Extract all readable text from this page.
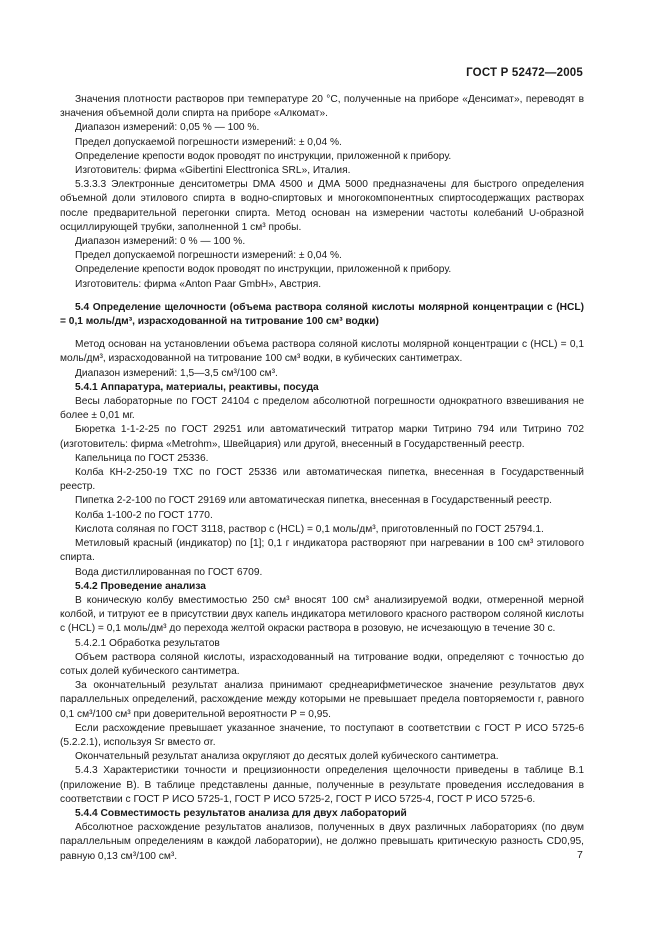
ГОСТ Р 52472—2005

Значения плотности растворов при температуре 20 °С, полученные на приборе «Денсимат», переводят в значения объемной доли спирта на приборе «Алкомат».

Диапазон измерений: 0,05 % — 100 %.

Предел допускаемой погрешности измерений: ± 0,04 %.

Определение крепости водок проводят по инструкции, приложенной к прибору.

Изготовитель: фирма «Gibertini Electtronica SRL», Италия.

5.3.3.3 Электронные денситометры DMA 4500 и ДМА 5000 предназначены для быстрого определения объемной доли этилового спирта в водно-спиртовых и многокомпонентных спиртосодержащих растворах после предварительной перегонки спирта. Метод основан на измерении частоты колебаний U-образной осциллирующей трубки, заполненной 1 см³ пробы.

Диапазон измерений: 0 % — 100 %.

Предел допускаемой погрешности измерений: ± 0,04 %.

Определение крепости водок проводят по инструкции, приложенной к прибору.

Изготовитель: фирма «Anton Paar GmbH», Австрия.

5.4 Определение щелочности (объема раствора соляной кислоты молярной концентрации c (HCL) = 0,1 моль/дм³, израсходованной на титрование 100 см³ водки)

Метод основан на установлении объема раствора соляной кислоты молярной концентрации c (HCL) = 0,1 моль/дм³, израсходованной на титрование 100 см³ водки, в кубических сантиметрах.

Диапазон измерений: 1,5—3,5 см³/100 см³.

5.4.1 Аппаратура, материалы, реактивы, посуда

Весы лабораторные по ГОСТ 24104 с пределом абсолютной погрешности однократного взвешивания не более ± 0,01 мг.

Бюретка 1-1-2-25 по ГОСТ 29251 или автоматический титратор марки Титрино 794 или Титрино 702 (изготовитель: фирма «Metrohm», Швейцария) или другой, внесенный в Государственный реестр.

Капельница по ГОСТ 25336.

Колба КН-2-250-19 ТХС по ГОСТ 25336 или автоматическая пипетка, внесенная в Государственный реестр.

Пипетка 2-2-100 по ГОСТ 29169 или автоматическая пипетка, внесенная в Государственный реестр.

Колба 1-100-2 по ГОСТ 1770.

Кислота соляная по ГОСТ 3118, раствор c (HCL) = 0,1 моль/дм³, приготовленный по ГОСТ 25794.1.

Метиловый красный (индикатор) по [1]; 0,1 г индикатора растворяют при нагревании в 100 см³ этилового спирта.

Вода дистиллированная по ГОСТ 6709.

5.4.2 Проведение анализа

В коническую колбу вместимостью 250 см³ вносят 100 см³ анализируемой водки, отмеренной мерной колбой, и титруют ее в присутствии двух капель индикатора метилового красного раствором соляной кислоты c (HCL) = 0,1 моль/дм³ до перехода желтой окраски раствора в розовую, не исчезающую в течение 30 с.

5.4.2.1 Обработка результатов

Объем раствора соляной кислоты, израсходованный на титрование водки, определяют с точностью до сотых долей кубического сантиметра.

За окончательный результат анализа принимают среднеарифметическое значение результатов двух параллельных определений, расхождение между которыми не превышает предела повторяемости r, равного 0,1 см³/100 см³ при доверительной вероятности P = 0,95.

Если расхождение превышает указанное значение, то поступают в соответствии с ГОСТ Р ИСО 5725-6 (5.2.2.1), используя Sr вместо σr.

Окончательный результат анализа округляют до десятых долей кубического сантиметра.

5.4.3 Характеристики точности и прецизионности определения щелочности приведены в таблице В.1 (приложение В). В таблице представлены данные, полученные в результате проведения исследования в соответствии с ГОСТ Р ИСО 5725-1, ГОСТ Р ИСО 5725-2, ГОСТ Р ИСО 5725-4, ГОСТ Р ИСО 5725-6.

5.4.4 Совместимость результатов анализа для двух лабораторий

Абсолютное расхождение результатов анализов, полученных в двух различных лабораториях (по двум параллельным определениям в каждой лаборатории), не должно превышать критическую разность CD0,95, равную 0,13 см³/100 см³.	7
